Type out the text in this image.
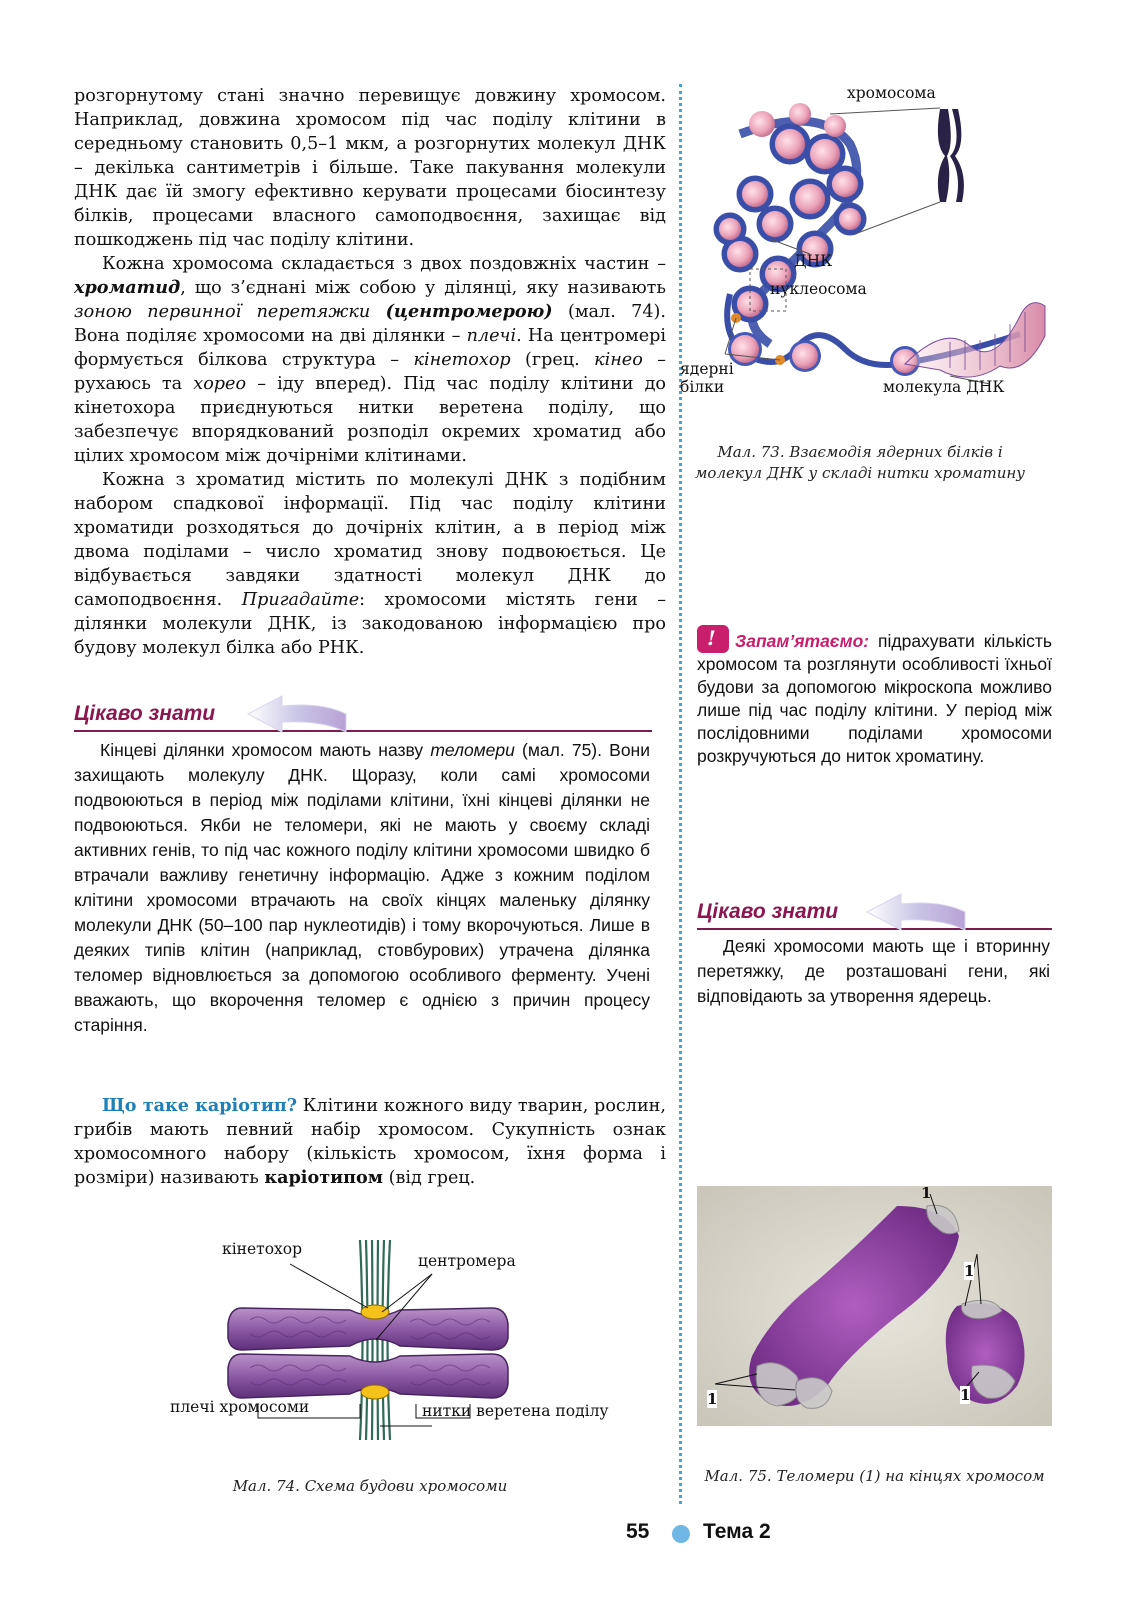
розгорнутому стані значно перевищує довжину хромосом. Наприклад, довжина хромосом під час поділу клітини в середньому становить 0,5–1 мкм, а розгорнутих молекул ДНК – декілька сантиметрів і більше. Таке пакування молекули ДНК дає їй змогу ефективно керувати процесами біосинтезу білків, процесами власного самоподвоєння, захищає від пошкоджень під час поділу клітини.

Кожна хромосома складається з двох поздовжніх частин – хроматид, що з’єднані між собою у ділянці, яку називають зоною первинної перетяжки (центромерою) (мал. 74). Вона поділяє хромосоми на дві ділянки – плечі. На центромері формується білкова структура – кінетохор (грец. кінео – рухаюсь та хорео – іду вперед). Під час поділу клітини до кінетохора приєднуються нитки веретена поділу, що забезпечує впорядкований розподіл окремих хроматид або цілих хромосом між дочірніми клітинами.

Кожна з хроматид містить по молекулі ДНК з подібним набором спадкової інформації. Під час поділу клітини хроматиди розходяться до дочірніх клітин, а в період між двома поділами – число хроматид знову подвоюється. Це відбувається завдяки здатності молекул ДНК до самоподвоєння. Пригадайте: хромосоми містять гени – ділянки молекули ДНК, із закодованою інформацією про будову молекул білка або РНК.

Цікаво знати

Кінцеві ділянки хромосом мають назву теломери (мал. 75). Вони захищають молекулу ДНК. Щоразу, коли самі хромосоми подвоюються в період між поділами клітини, їхні кінцеві ділянки не подвоюються. Якби не теломери, які не мають у своєму складі активних генів, то під час кожного поділу клітини хромосоми швидко б втрачали важливу генетичну інформацію. Адже з кожним поділом клітини хромосоми втрачають на своїх кінцях маленьку ділянку молекули ДНК (50–100 пар нуклеотидів) і тому вкорочуються. Лише в деяких типів клітин (наприклад, стовбурових) утрачена ділянка теломер відновлюється за допомогою особливого ферменту. Учені вважають, що вкорочення теломер є однією з причин процесу старіння.

Що таке каріотип? Клітини кожного виду тварин, рослин, грибів мають певний набір хромосом. Сукупність ознак хромосомного набору (кількість хромосом, їхня форма і розміри) називають каріотипом (від грец.

кінетохор
центромера
плечі хромосоми	нитки веретена поділу
Мал. 74. Схема будови хромосоми
хромосома
ДНК
нуклеосома
ядерні білки	молекула ДНК
Мал. 73. Взаємодія ядерних білків і молекул ДНК у складі нитки хроматину
! Запам’ятаємо: підрахувати кількість хромосом та розглянути особливості їхньої будови за допомогою мікроскопа можливо лише під час поділу клітини. У період між послідовними поділами хромосоми розкручуються до ниток хроматину.
Цікаво знати

Деякі хромосоми мають ще і вторинну перетяжку, де розташовані гени, які відповідають за утворення ядерець.

1
1
1	1
Мал. 75. Теломери (1) на кінцях хромосом
55	Тема 2
